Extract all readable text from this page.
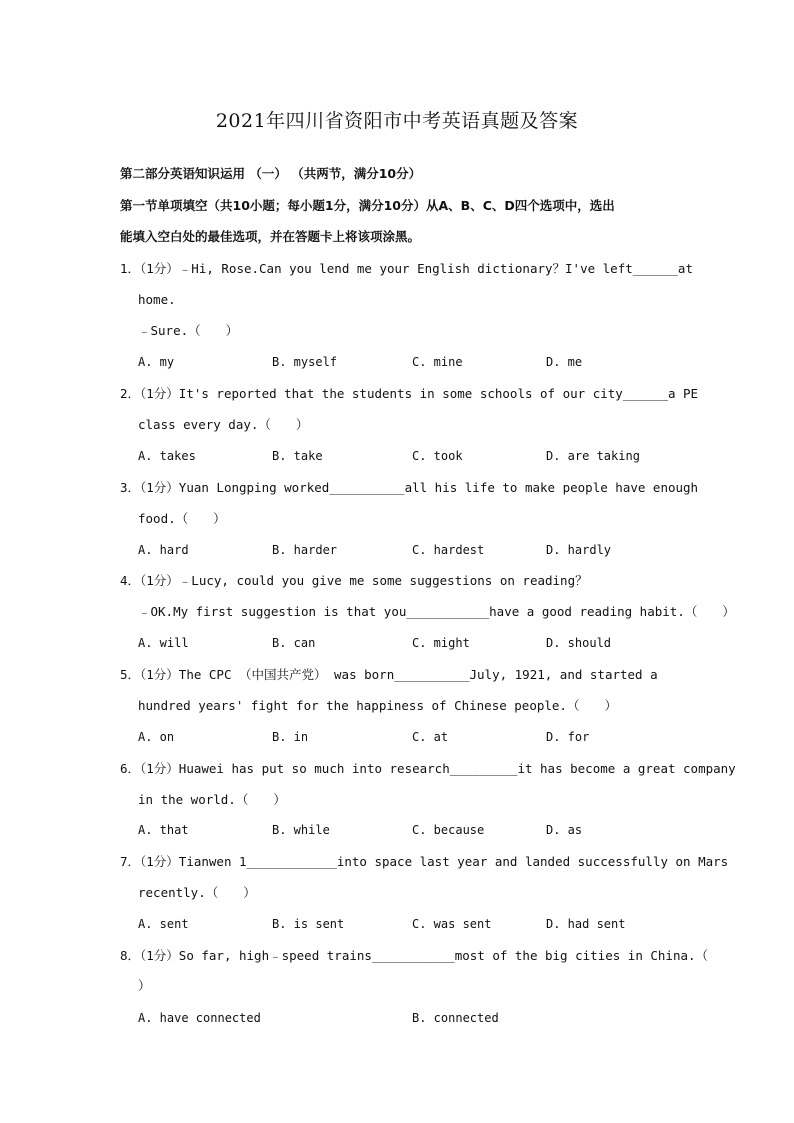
2021年四川省资阳市中考英语真题及答案
第二部分英语知识运用 （一） （共两节，满分10分）
第一节单项填空（共10小题；每小题1分，满分10分）从A、B、C、D四个选项中，选出
能填入空白处的最佳选项，并在答题卡上将该项涂黑。
1．（1分）﹣Hi, Rose.Can you lend me your English dictionary？I've left______at
home.
﹣Sure.（　　）
A. my	B. myself	C. mine	D. me
2．（1分）It's reported that the students in some schools of our city______a PE
class every day.（　　）
A. takes	B. take	C. took	D. are taking
3．（1分）Yuan Longping worked__________all his life to make people have enough
food.（　　）
A. hard	B. harder	C. hardest	D. hardly
4．（1分）﹣Lucy, could you give me some suggestions on reading？
﹣OK.My first suggestion is that you___________have a good reading habit.（　　）
A. will	B. can	C. might	D. should
5．（1分）The CPC （中国共产党） was born__________July, 1921, and started a
hundred years' fight for the happiness of Chinese people.（　　）
A. on	B. in	C. at	D. for
6．（1分）Huawei has put so much into research_________it has become a great company
in the world.（　　）
A. that	B. while	C. because	D. as
7．（1分）Tianwen 1____________into space last year and landed successfully on Mars
recently.（　　）
A. sent	B. is sent	C. was sent	D. had sent
8．（1分）So far, high﹣speed trains___________most of the big cities in China.（
）
A. have connected	B. connected
